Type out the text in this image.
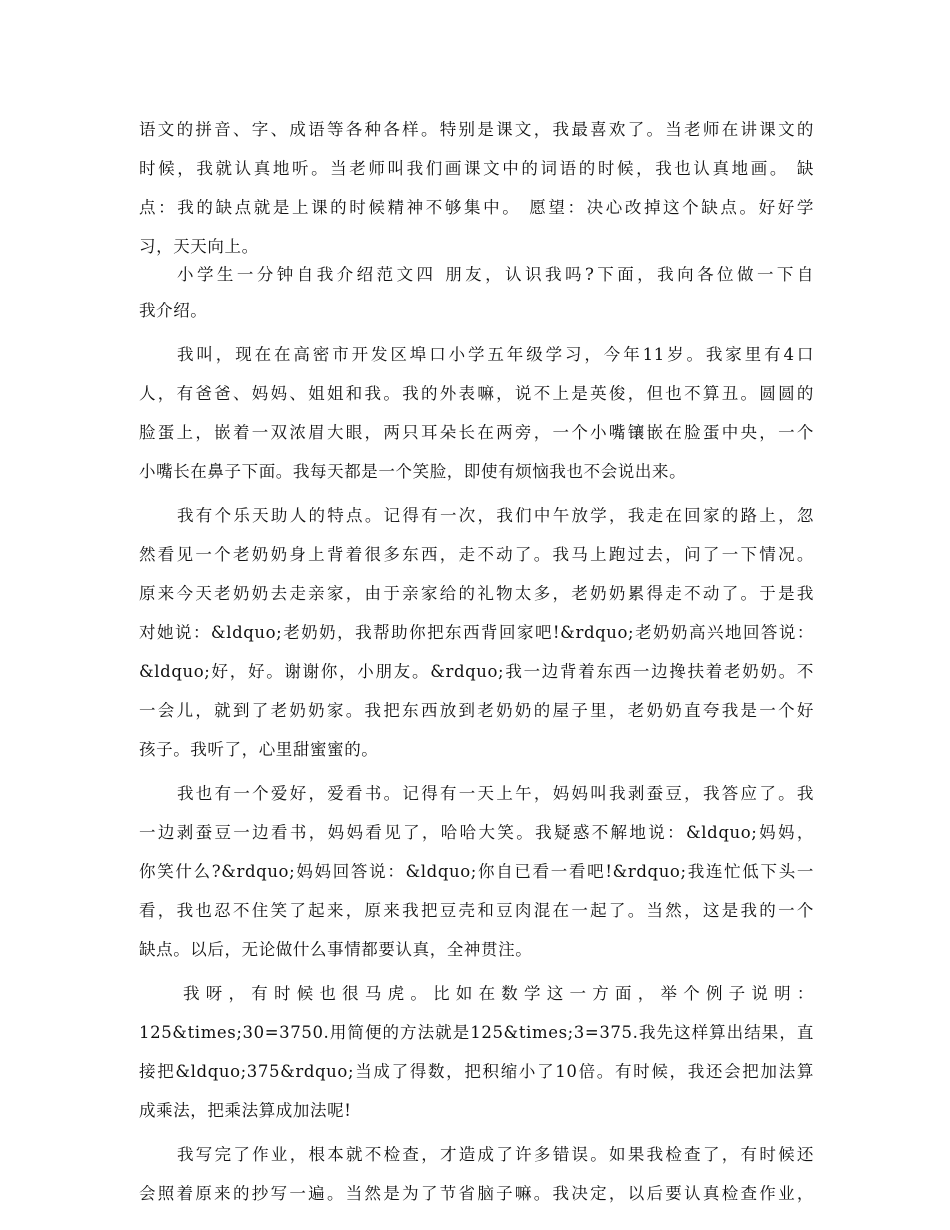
语文的拼音、字、成语等各种各样。特别是课文，我最喜欢了。当老师在讲课文的
时候，我就认真地听。当老师叫我们画课文中的词语的时候，我也认真地画。 缺
点：我的缺点就是上课的时候精神不够集中。 愿望：决心改掉这个缺点。好好学
习，天天向上。
小学生一分钟自我介绍范文四 朋友，认识我吗?下面，我向各位做一下自
我介绍。
我叫，现在在高密市开发区埠口小学五年级学习，今年11岁。我家里有4口
人，有爸爸、妈妈、姐姐和我。我的外表嘛，说不上是英俊，但也不算丑。圆圆的
脸蛋上，嵌着一双浓眉大眼，两只耳朵长在两旁，一个小嘴镶嵌在脸蛋中央，一个
小嘴长在鼻子下面。我每天都是一个笑脸，即使有烦恼我也不会说出来。
我有个乐天助人的特点。记得有一次，我们中午放学，我走在回家的路上，忽
然看见一个老奶奶身上背着很多东西，走不动了。我马上跑过去，问了一下情况。
原来今天老奶奶去走亲家，由于亲家给的礼物太多，老奶奶累得走不动了。于是我
对她说：&ldquo;老奶奶，我帮助你把东西背回家吧!&rdquo;老奶奶高兴地回答说：
&ldquo;好，好。谢谢你，小朋友。&rdquo;我一边背着东西一边搀扶着老奶奶。不
一会儿，就到了老奶奶家。我把东西放到老奶奶的屋子里，老奶奶直夸我是一个好
孩子。我听了，心里甜蜜蜜的。
我也有一个爱好，爱看书。记得有一天上午，妈妈叫我剥蚕豆，我答应了。我
一边剥蚕豆一边看书，妈妈看见了，哈哈大笑。我疑惑不解地说：&ldquo;妈妈，
你笑什么?&rdquo;妈妈回答说：&ldquo;你自已看一看吧!&rdquo;我连忙低下头一
看，我也忍不住笑了起来，原来我把豆壳和豆肉混在一起了。当然，这是我的一个
缺点。以后，无论做什么事情都要认真，全神贯注。
我呀，有时候也很马虎。比如在数学这一方面，举个例子说明：
125&times;30=3750.用简便的方法就是125&times;3=375.我先这样算出结果，直
接把&ldquo;375&rdquo;当成了得数，把积缩小了10倍。有时候，我还会把加法算
成乘法，把乘法算成加法呢!
我写完了作业，根本就不检查，才造成了许多错误。如果我检查了，有时候还
会照着原来的抄写一遍。当然是为了节省脑子嘛。我决定，以后要认真检查作业，
